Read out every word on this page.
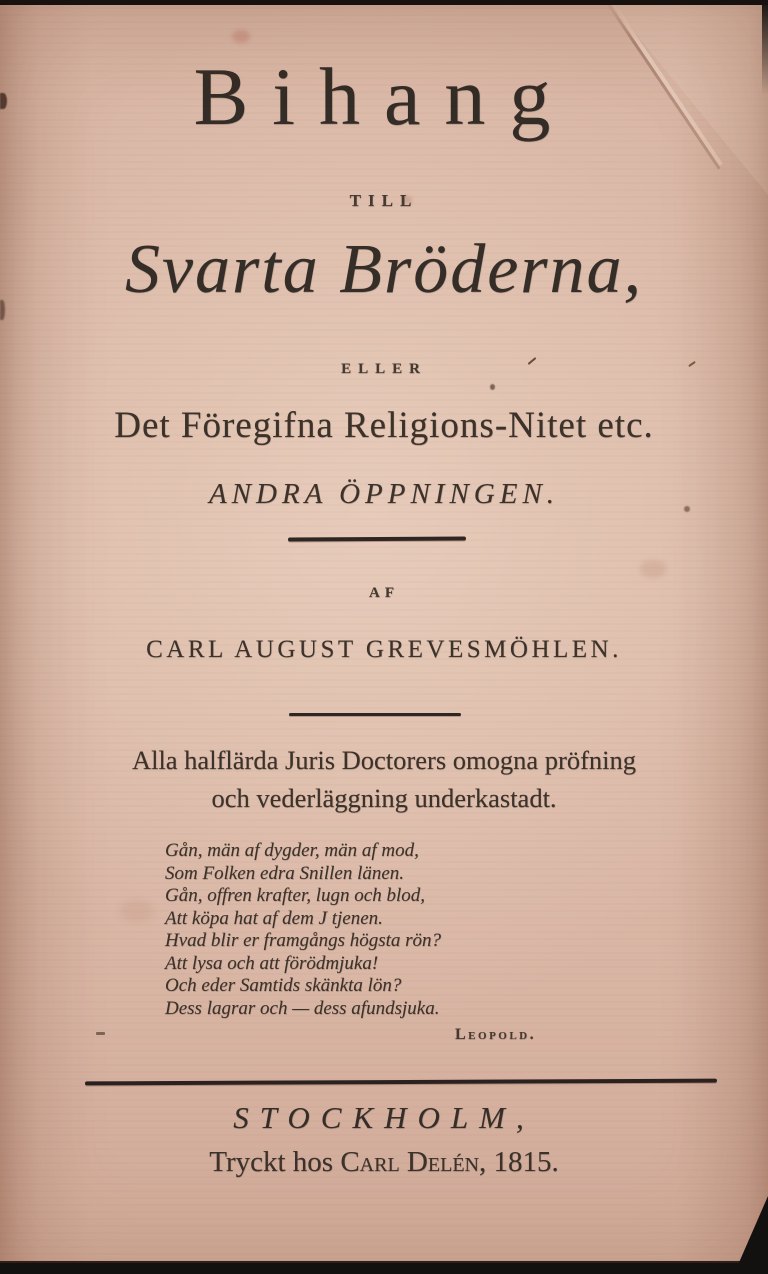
Bihang
TILL
Svarta Bröderna,
ELLER
Det Föregifna Religions-Nitet etc.
ANDRA ÖPPNINGEN.
AF
CARL AUGUST GREVESMÖHLEN.
Alla halflärda Juris Doctorers omogna pröfning
och vederläggning underkastadt.
Gån, män af dygder, män af mod,
Som Folken edra Snillen länen.
Gån, offren krafter, lugn och blod,
Att köpa hat af dem J tjenen.
Hvad blir er framgångs högsta rön?
Att lysa och att förödmjuka!
Och eder Samtids skänkta lön?
Dess lagrar och — dess afundsjuka.
Leopold.
STOCKHOLM,
Tryckt hos Carl Delén, 1815.
